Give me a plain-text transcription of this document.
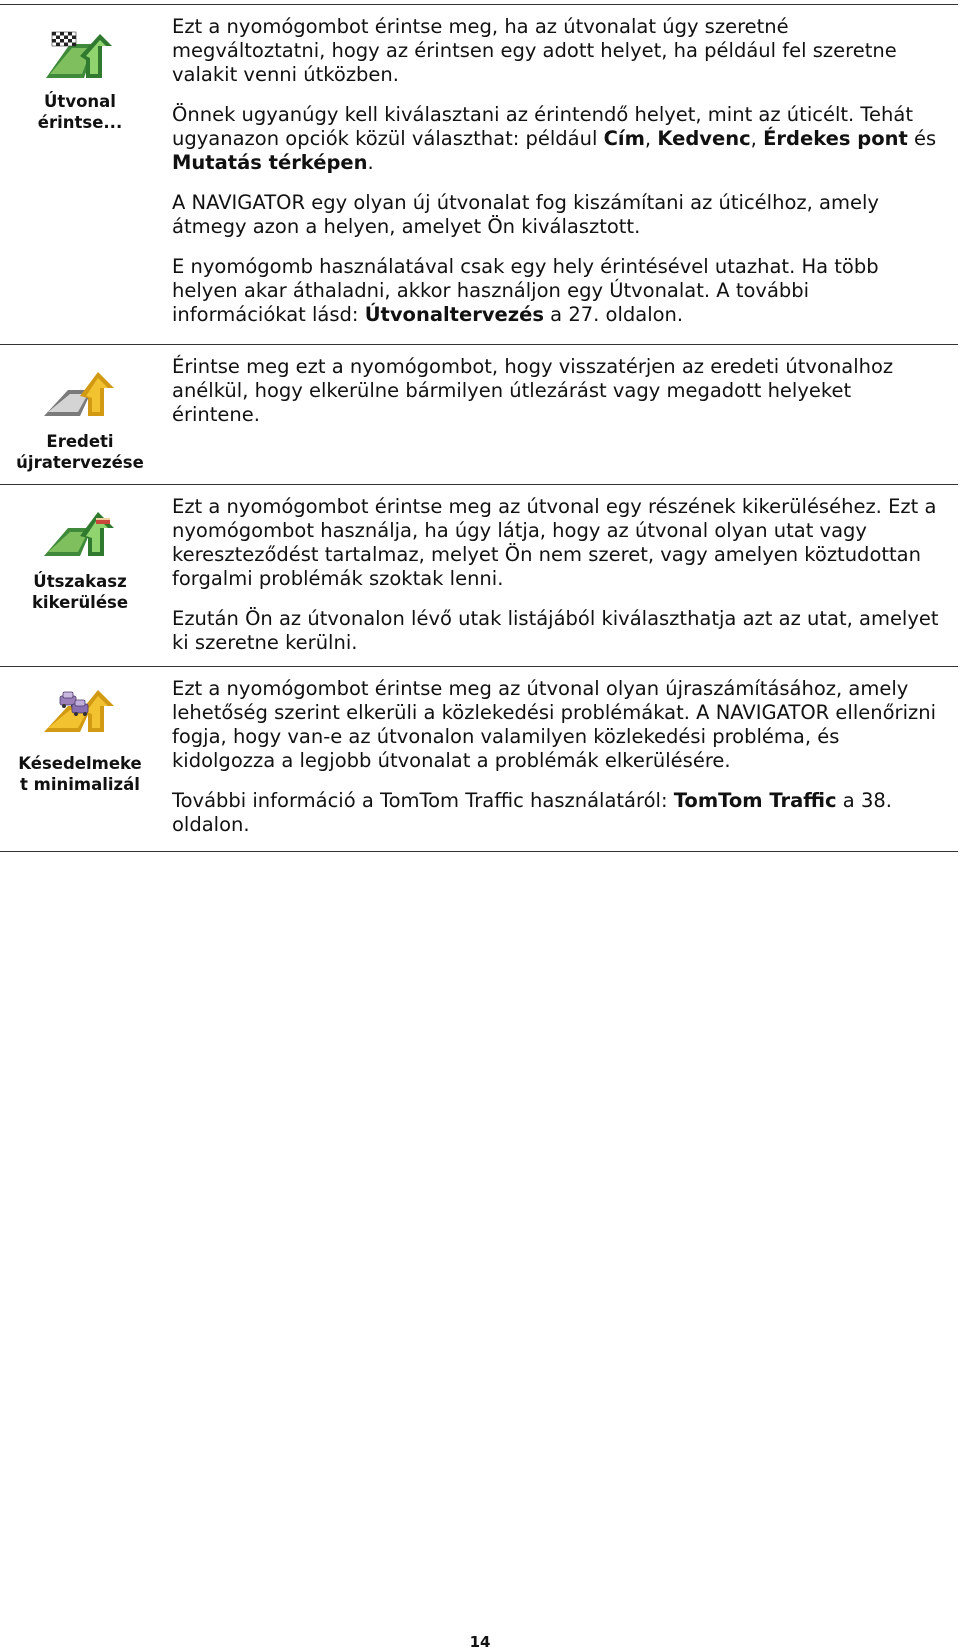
Útvonal
érintse...

Ezt a nyomógombot érintse meg, ha az útvonalat úgy szeretné megváltoztatni, hogy az érintsen egy adott helyet, ha például fel szeretne valakit venni útközben.

Önnek ugyanúgy kell kiválasztani az érintendő helyet, mint az úticélt. Tehát ugyanazon opciók közül választhat: például Cím, Kedvenc, Érdekes pont és Mutatás térképen.

A NAVIGATOR egy olyan új útvonalat fog kiszámítani az úticélhoz, amely átmegy azon a helyen, amelyet Ön kiválasztott.

E nyomógomb használatával csak egy hely érintésével utazhat. Ha több helyen akar áthaladni, akkor használjon egy Útvonalat. A további információkat lásd: Útvonaltervezés a 27. oldalon.

Eredeti
újratervezése

Érintse meg ezt a nyomógombot, hogy visszatérjen az eredeti útvonalhoz anélkül, hogy elkerülne bármilyen útlezárást vagy megadott helyeket érintene.

Útszakasz
kikerülése

Ezt a nyomógombot érintse meg az útvonal egy részének kikerüléséhez. Ezt a nyomógombot használja, ha úgy látja, hogy az útvonal olyan utat vagy kereszteződést tartalmaz, melyet Ön nem szeret, vagy amelyen köztudottan forgalmi problémák szoktak lenni.

Ezután Ön az útvonalon lévő utak listájából kiválaszthatja azt az utat, amelyet ki szeretne kerülni.

Késedelmeke
t minimalizál

Ezt a nyomógombot érintse meg az útvonal olyan újraszámításához, amely lehetőség szerint elkerüli a közlekedési problémákat. A NAVIGATOR ellenőrizni fogja, hogy van-e az útvonalon valamilyen közlekedési probléma, és kidolgozza a legjobb útvonalat a problémák elkerülésére.

További információ a TomTom Traffic használatáról: TomTom Traffic a 38. oldalon.

14
